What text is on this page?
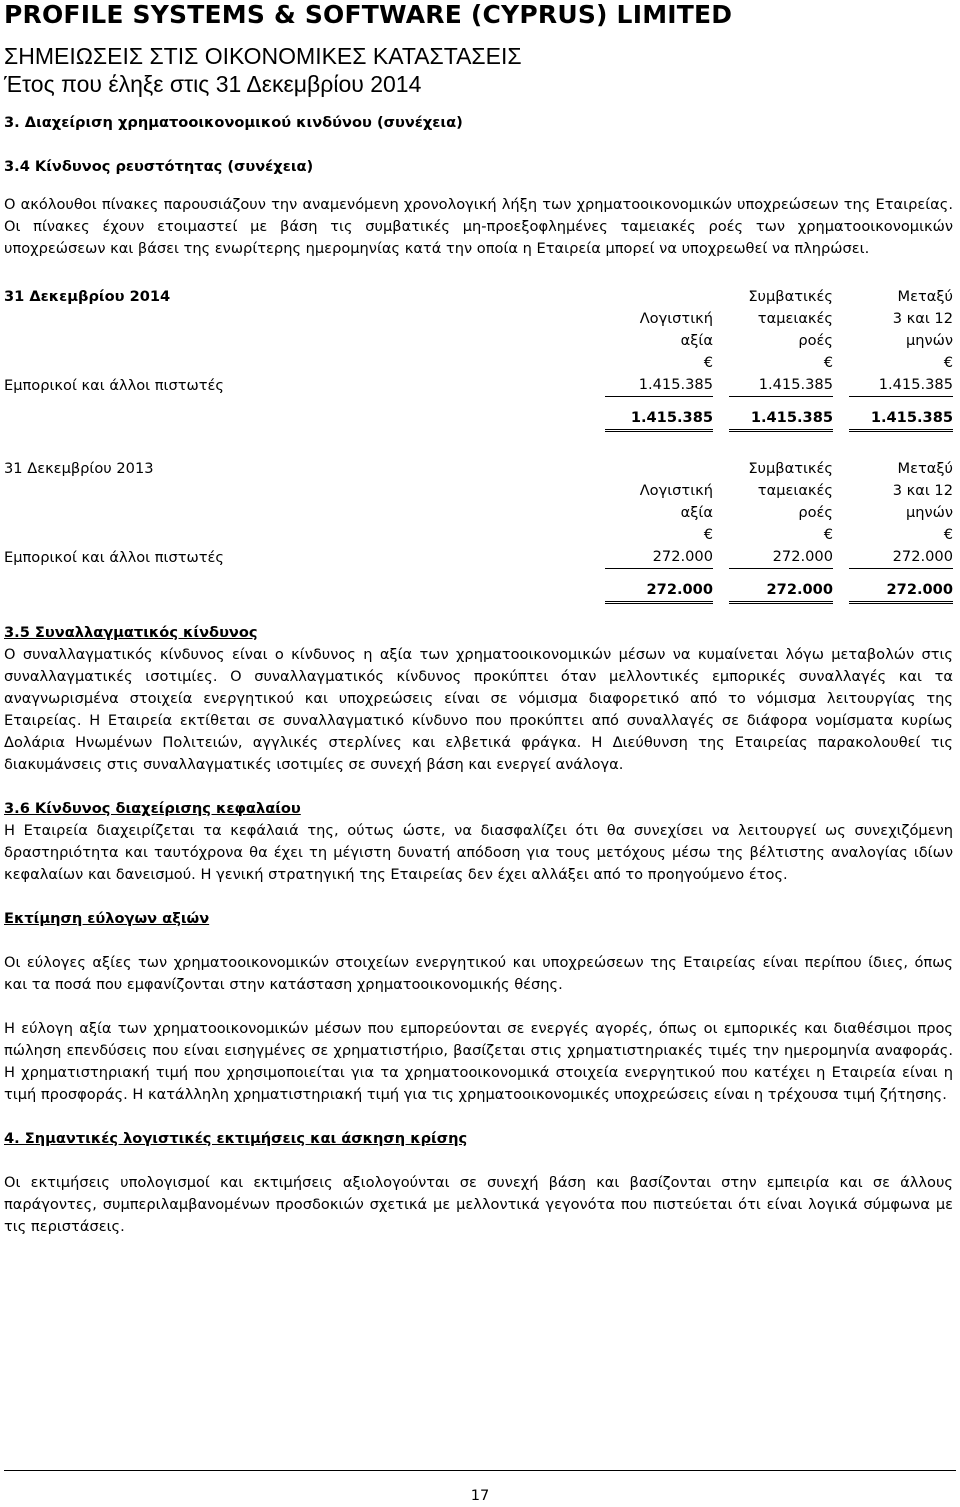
PROFILE SYSTEMS & SOFTWARE (CYPRUS) LIMITED
ΣΗΜΕΙΩΣΕΙΣ ΣΤΙΣ ΟΙΚΟΝΟΜΙΚΕΣ ΚΑΤΑΣΤΑΣΕΙΣ
Έτος που έληξε στις 31 Δεκεμβρίου 2014
3. Διαχείριση χρηματοοικονομικού κινδύνου (συνέχεια)
3.4 Κίνδυνος ρευστότητας (συνέχεια)

Ο ακόλουθοι πίνακες παρουσιάζουν την αναμενόμενη χρονολογική λήξη των χρηματοοικονομικών υποχρεώσεων της Εταιρείας. Οι πίνακες έχουν ετοιμαστεί με βάση τις συμβατικές μη-προεξοφλημένες ταμειακές ροές των χρηματοοικονομικών υποχρεώσεων και βάσει της ενωρίτερης ημερομηνίας κατά την οποία η Εταιρεία μπορεί να υποχρεωθεί να πληρώσει.

31 Δεκεμβρίου 2014		Συμβατικές	Μεταξύ
	Λογιστική	ταμειακές	3 και 12
	αξία	ροές	μηνών
	€	€	€
Εμπορικοί και άλλοι πιστωτές	1.415.385	1.415.385	1.415.385

	1.415.385	1.415.385	1.415.385
31 Δεκεμβρίου 2013		Συμβατικές	Μεταξύ
	Λογιστική	ταμειακές	3 και 12
	αξία	ροές	μηνών
	€	€	€
Εμπορικοί και άλλοι πιστωτές	272.000	272.000	272.000

	272.000	272.000	272.000
3.5 Συναλλαγματικός κίνδυνος

Ο συναλλαγματικός κίνδυνος είναι ο κίνδυνος η αξία των χρηματοοικονομικών μέσων να κυμαίνεται λόγω μεταβολών στις συναλλαγματικές ισοτιμίες. Ο συναλλαγματικός κίνδυνος προκύπτει όταν μελλοντικές εμπορικές συναλλαγές και τα αναγνωρισμένα στοιχεία ενεργητικού και υποχρεώσεις είναι σε νόμισμα διαφορετικό από το νόμισμα λειτουργίας της Εταιρείας. Η Εταιρεία εκτίθεται σε συναλλαγματικό κίνδυνο που προκύπτει από συναλλαγές σε διάφορα νομίσματα κυρίως Δολάρια Ηνωμένων Πολιτειών, αγγλικές στερλίνες και ελβετικά φράγκα. Η Διεύθυνση της Εταιρείας παρακολουθεί τις διακυμάνσεις στις συναλλαγματικές ισοτιμίες σε συνεχή βάση και ενεργεί ανάλογα.

3.6 Κίνδυνος διαχείρισης κεφαλαίου

Η Εταιρεία διαχειρίζεται τα κεφάλαιά της, ούτως ώστε, να διασφαλίζει ότι θα συνεχίσει να λειτουργεί ως συνεχιζόμενη δραστηριότητα και ταυτόχρονα θα έχει τη μέγιστη δυνατή απόδοση για τους μετόχους μέσω της βέλτιστης αναλογίας ιδίων κεφαλαίων και δανεισμού. Η γενική στρατηγική της Εταιρείας δεν έχει αλλάξει από το προηγούμενο έτος.

Εκτίμηση εύλογων αξιών

Οι εύλογες αξίες των χρηματοοικονομικών στοιχείων ενεργητικού και υποχρεώσεων της Εταιρείας είναι περίπου ίδιες, όπως και τα ποσά που εμφανίζονται στην κατάσταση χρηματοοικονομικής θέσης.

Η εύλογη αξία των χρηματοοικονομικών μέσων που εμπορεύονται σε ενεργές αγορές, όπως οι εμπορικές και διαθέσιμοι προς πώληση επενδύσεις που είναι εισηγμένες σε χρηματιστήριο, βασίζεται στις χρηματιστηριακές τιμές την ημερομηνία αναφοράς. Η χρηματιστηριακή τιμή που χρησιμοποιείται για τα χρηματοοικονομικά στοιχεία ενεργητικού που κατέχει η Εταιρεία είναι η τιμή προσφοράς. Η κατάλληλη χρηματιστηριακή τιμή για τις χρηματοοικονομικές υποχρεώσεις είναι η τρέχουσα τιμή ζήτησης.

4. Σημαντικές λογιστικές εκτιμήσεις και άσκηση κρίσης

Οι εκτιμήσεις υπολογισμοί και εκτιμήσεις αξιολογούνται σε συνεχή βάση και βασίζονται στην εμπειρία και σε άλλους παράγοντες, συμπεριλαμβανομένων προσδοκιών σχετικά με μελλοντικά γεγονότα που πιστεύεται ότι είναι λογικά σύμφωνα με τις περιστάσεις.

17
